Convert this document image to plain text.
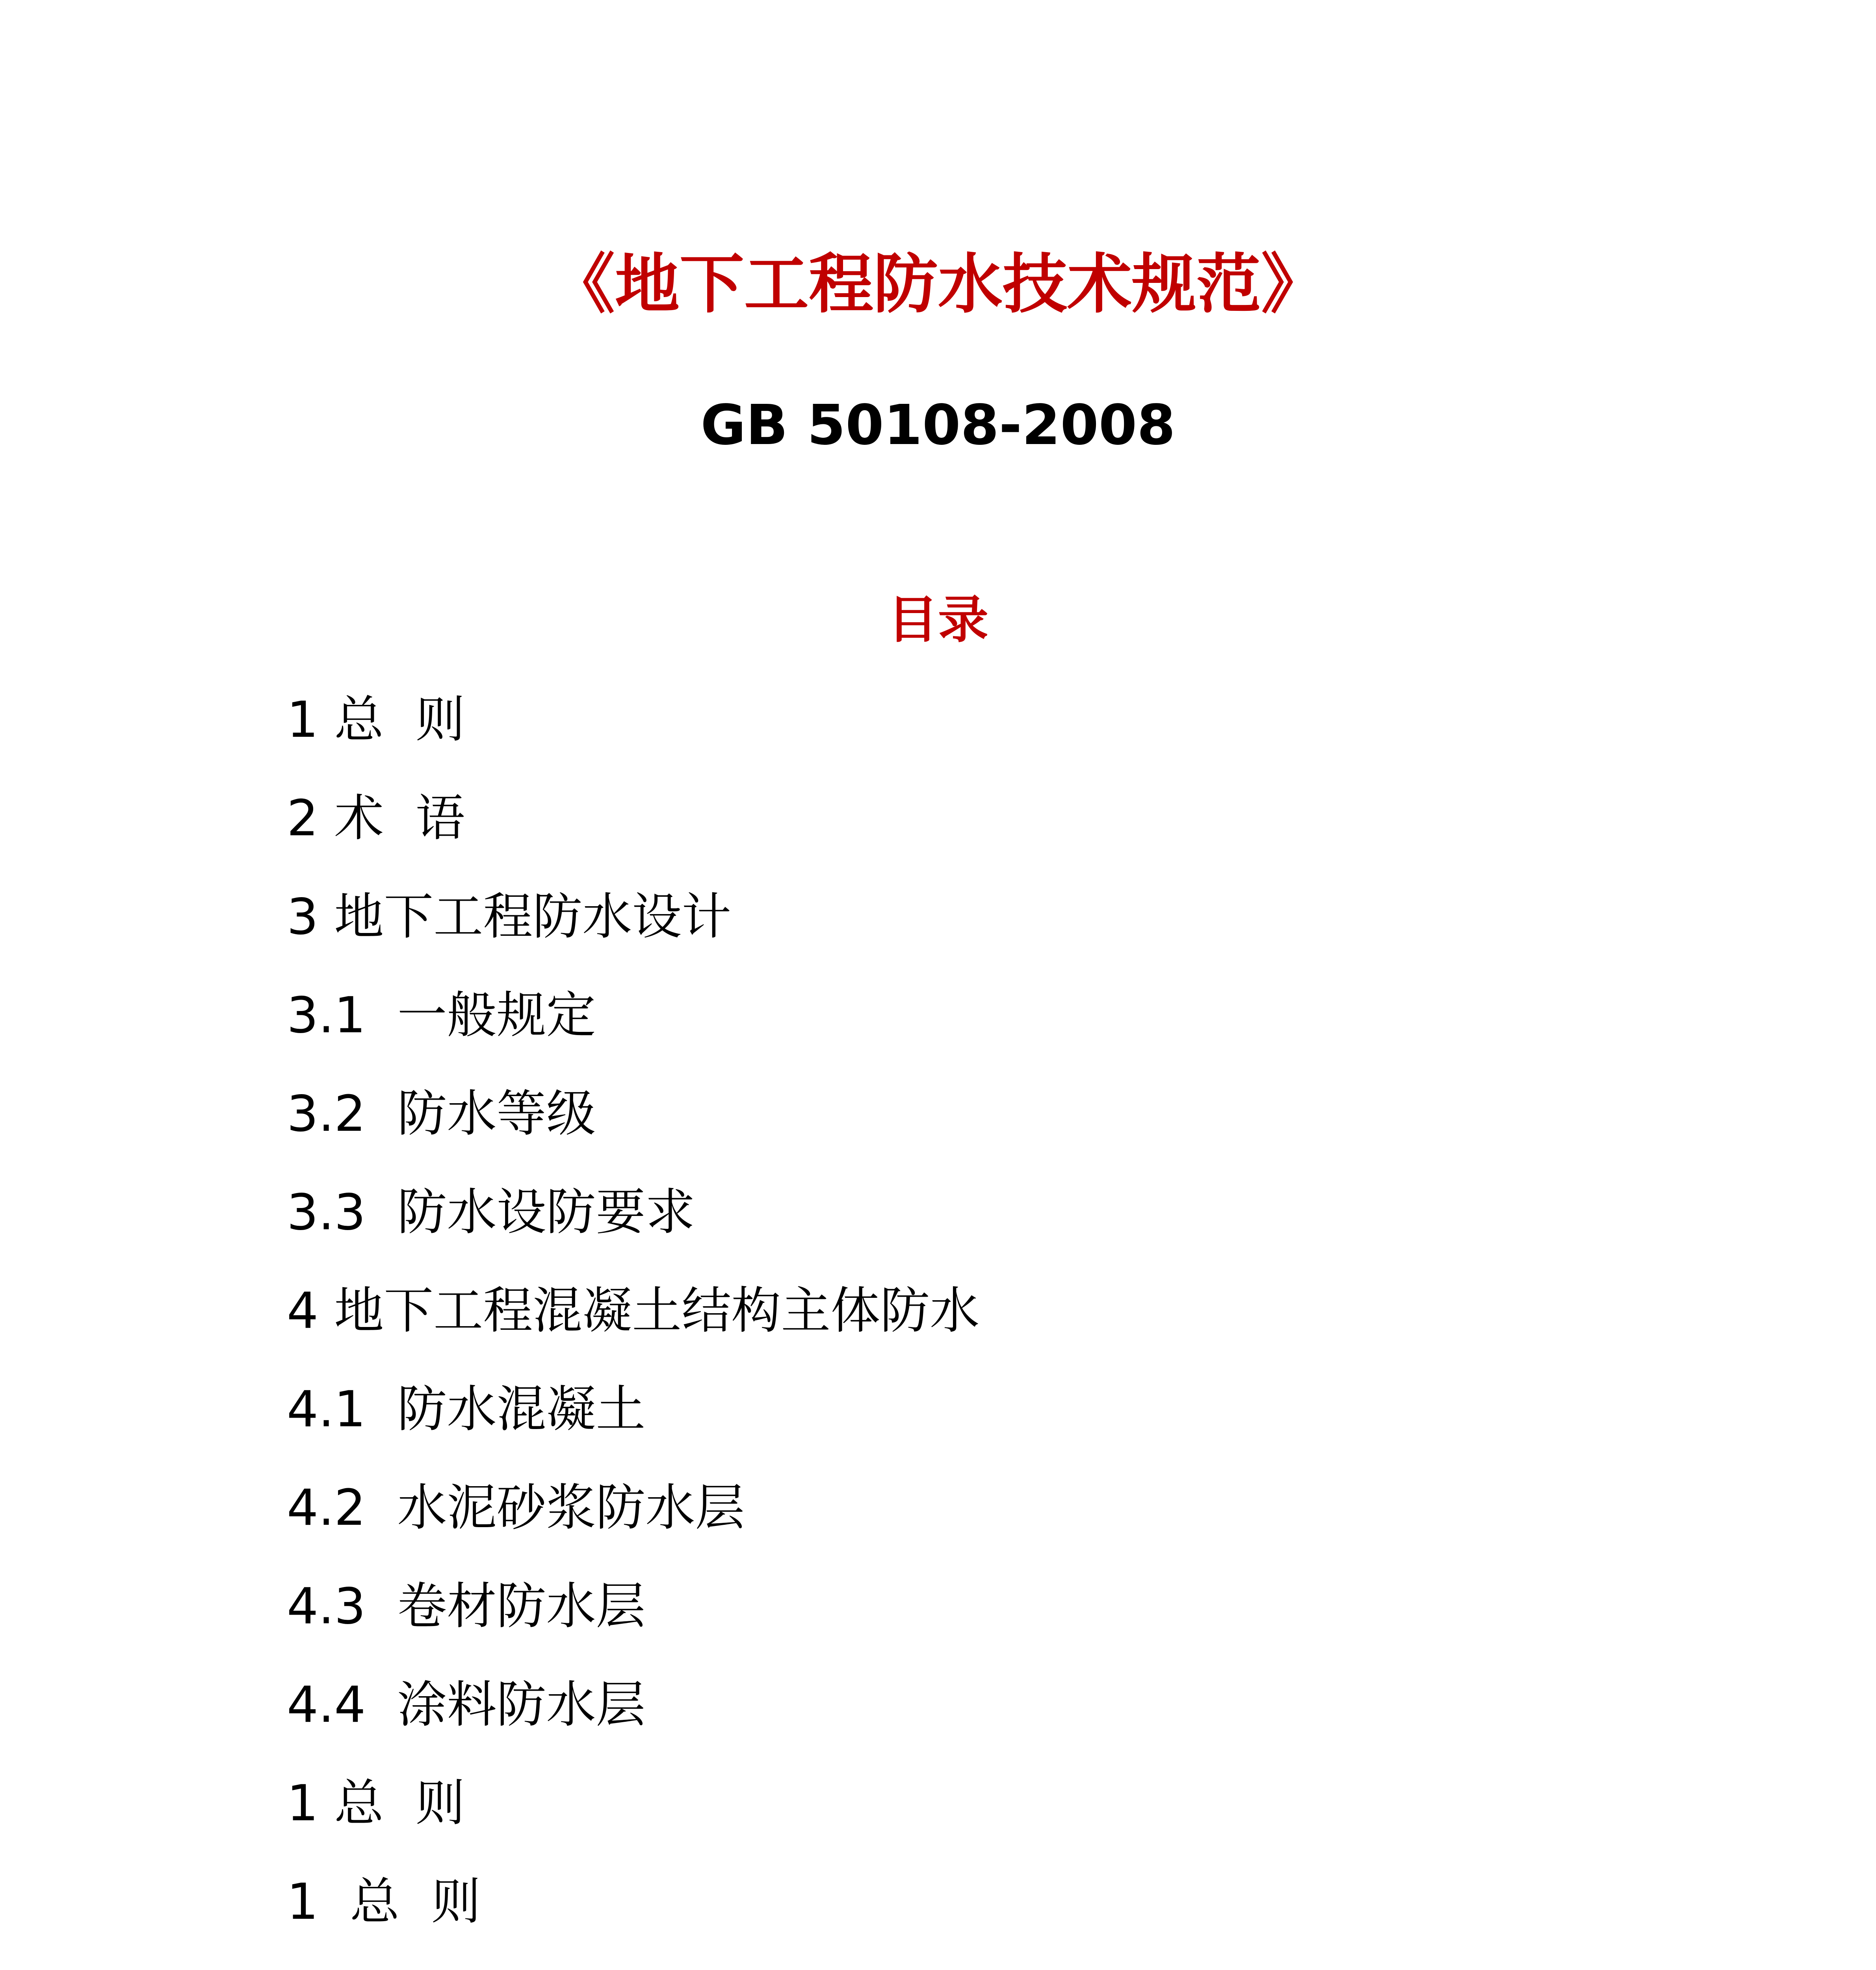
《地下工程防水技术规范》
GB 50108-2008
目录
1 总  则
2 术  语
3 地下工程防水设计
3.1  一般规定
3.2  防水等级
3.3  防水设防要求
4 地下工程混凝土结构主体防水
4.1  防水混凝土
4.2  水泥砂浆防水层
4.3  卷材防水层
4.4  涂料防水层
1 总  则
1  总  则
